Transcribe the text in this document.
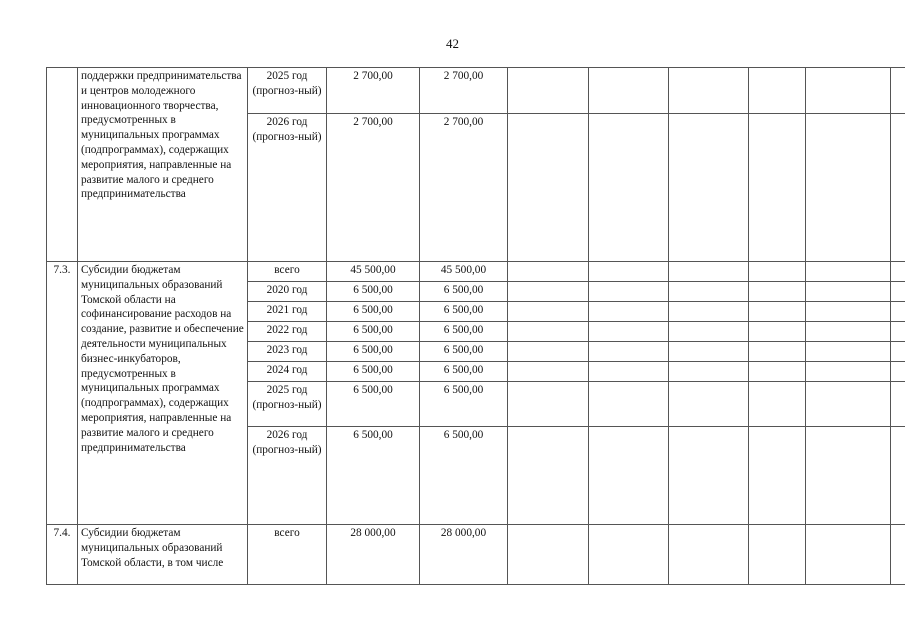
42
	поддержки предпринимательства и центров молодежного инновационного творчества, предусмотренных в муниципальных программах (подпрограммах), содержащих мероприятия, направленные на развитие малого и среднего предпринимательства	2025 год (прогноз-ный)	2 700,00	2 700,00						
		2026 год (прогноз-ный)	2 700,00	2 700,00						
7.3.	Субсидии бюджетам муниципальных образований Томской области на софинансирование расходов на создание, развитие и обеспечение деятельности муниципальных бизнес-инкубаторов, предусмотренных в муниципальных программах (подпрограммах), содержащих мероприятия, направленные на развитие малого и среднего предпринимательства	всего	45 500,00	45 500,00						
		2020 год	6 500,00	6 500,00						
		2021 год	6 500,00	6 500,00						
		2022 год	6 500,00	6 500,00						
		2023 год	6 500,00	6 500,00						
		2024 год	6 500,00	6 500,00						
		2025 год (прогноз-ный)	6 500,00	6 500,00						
		2026 год (прогноз-ный)	6 500,00	6 500,00						
7.4.	Субсидии бюджетам муниципальных образований Томской области, в том числе	всего	28 000,00	28 000,00						
